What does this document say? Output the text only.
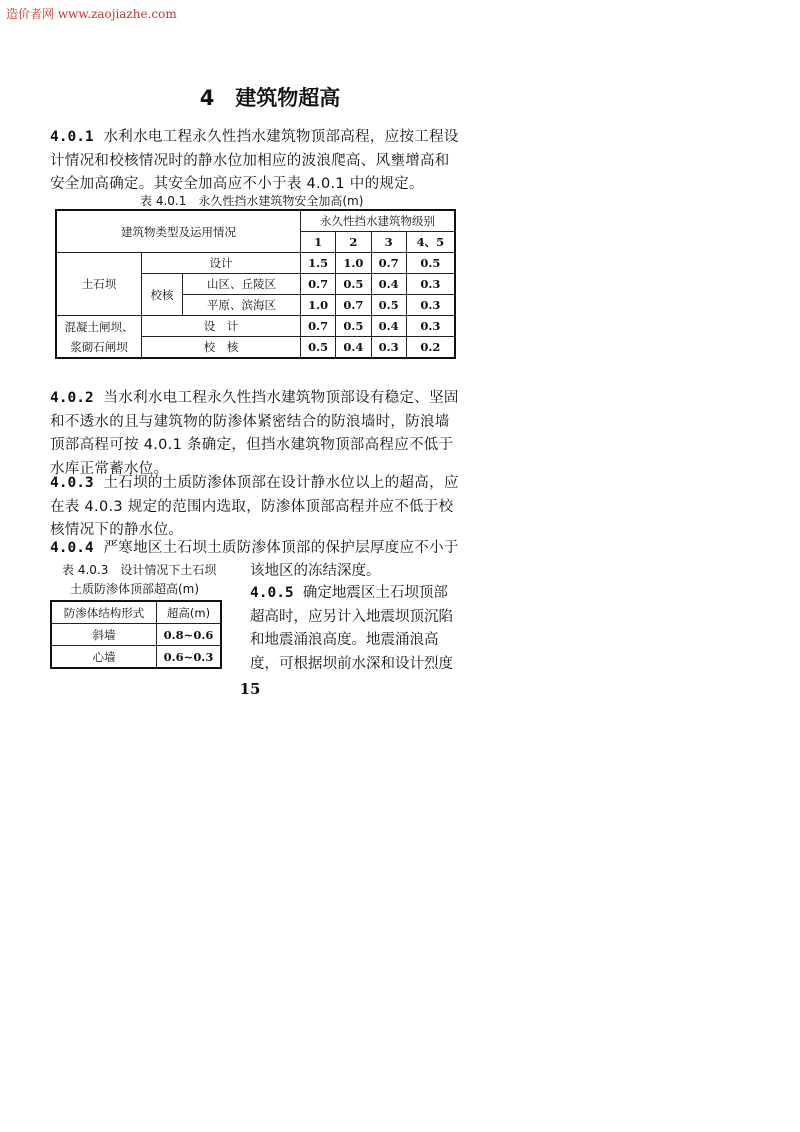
造价者网 www.zaojiazhe.com
4　建筑物超高
4.0.1 水利水电工程永久性挡水建筑物顶部高程，应按工程设计情况和校核情况时的静水位加相应的波浪爬高、风壅增高和安全加高确定。其安全加高应不小于表 4.0.1 中的规定。
表 4.0.1　永久性挡水建筑物安全加高(m)
建筑物类型及运用情况			永久性挡水建筑物级别			
			1	2	3	4、5
土石坝	设计		1.5	1.0	0.7	0.5
	校核	山区、丘陵区	0.7	0.5	0.4	0.3
		平原、滨海区	1.0	0.7	0.5	0.3
混凝土闸坝、
浆砌石闸坝	设　计		0.7	0.5	0.4	0.3
	校　核		0.5	0.4	0.3	0.2
4.0.2 当水利水电工程永久性挡水建筑物顶部设有稳定、坚固和不透水的且与建筑物的防渗体紧密结合的防浪墙时，防浪墙顶部高程可按 4.0.1 条确定，但挡水建筑物顶部高程应不低于水库正常蓄水位。
4.0.3 土石坝的土质防渗体顶部在设计静水位以上的超高，应在表 4.0.3 规定的范围内选取，防渗体顶部高程并应不低于校核情况下的静水位。
4.0.4 严寒地区土石坝土质防渗体顶部的保护层厚度应不小于
表 4.0.3　设计情况下土石坝
土质防渗体顶部超高(m)
防渗体结构形式	超高(m)
斜墙	0.8~0.6
心墙	0.6~0.3
该地区的冻结深度。
4.0.5 确定地震区土石坝顶部超高时，应另计入地震坝顶沉陷和地震涌浪高度。地震涌浪高度，可根据坝前水深和设计烈度
15
